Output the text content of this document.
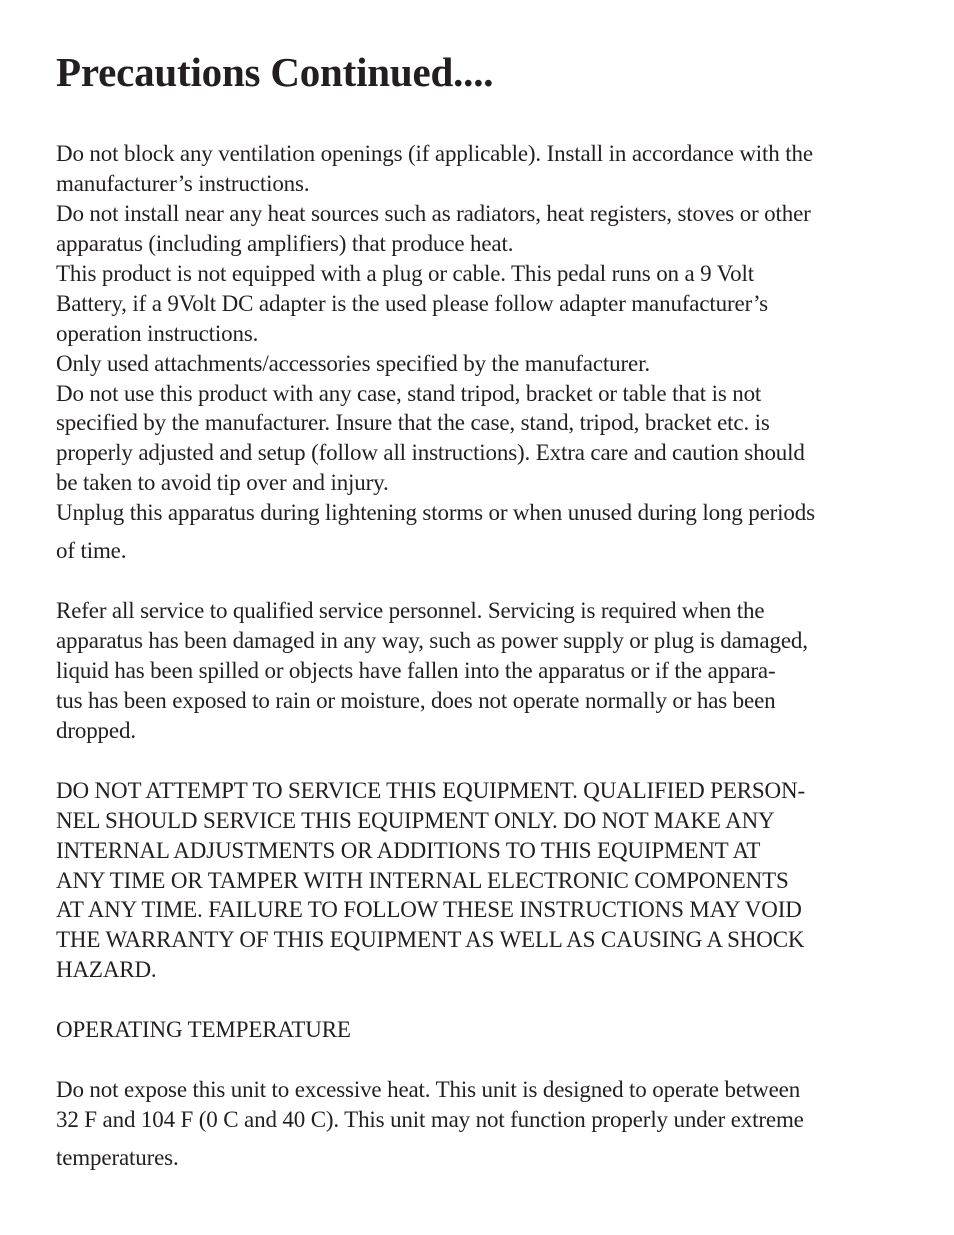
Precautions Continued....
Do not block any ventilation openings (if applicable). Install in accordance with the
manufacturer’s instructions.
Do not install near any heat sources such as radiators, heat registers, stoves or other
apparatus (including amplifiers) that produce heat.
This product is not equipped with a plug or cable. This pedal runs on a 9 Volt
Battery, if a 9Volt DC adapter is the used please follow adapter manufacturer’s
operation instructions.
Only used attachments/accessories specified by the manufacturer.
Do not use this product with any case, stand tripod, bracket or table that is not
specified by the manufacturer. Insure that the case, stand, tripod, bracket etc. is
properly adjusted and setup (follow all instructions). Extra care and caution should
be taken to avoid tip over and injury.
Unplug this apparatus during lightening storms or when unused during long periods
of time.
Refer all service to qualified service personnel. Servicing is required when the
apparatus has been damaged in any way, such as power supply or plug is damaged,
liquid has been spilled or objects have fallen into the apparatus or if the appara-
tus has been exposed to rain or moisture, does not operate normally or has been
dropped.
DO NOT ATTEMPT TO SERVICE THIS EQUIPMENT. QUALIFIED PERSON-
NEL SHOULD SERVICE THIS EQUIPMENT ONLY. DO NOT MAKE ANY
INTERNAL ADJUSTMENTS OR ADDITIONS TO THIS EQUIPMENT AT
ANY TIME OR TAMPER WITH INTERNAL ELECTRONIC COMPONENTS
AT ANY TIME. FAILURE TO FOLLOW THESE INSTRUCTIONS MAY VOID
THE WARRANTY OF THIS EQUIPMENT AS WELL AS CAUSING A SHOCK
HAZARD.
OPERATING TEMPERATURE
Do not expose this unit to excessive heat. This unit is designed to operate between
32 F and 104 F (0 C and 40 C). This unit may not function properly under extreme
temperatures.
